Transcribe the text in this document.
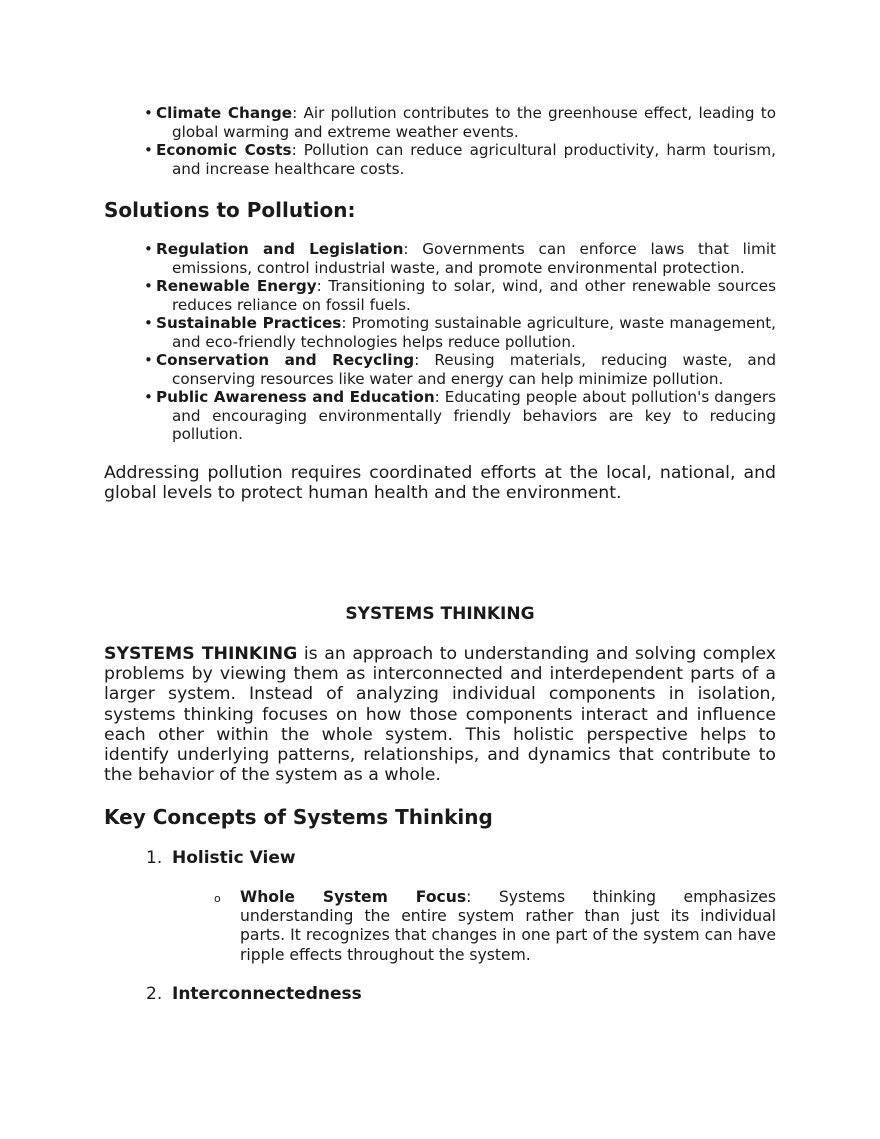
• Climate Change: Air pollution contributes to the greenhouse effect, leading to global warming and extreme weather events.
• Economic Costs: Pollution can reduce agricultural productivity, harm tourism, and increase healthcare costs.
Solutions to Pollution:
• Regulation and Legislation: Governments can enforce laws that limit emissions, control industrial waste, and promote environmental protection.
• Renewable Energy: Transitioning to solar, wind, and other renewable sources reduces reliance on fossil fuels.
• Sustainable Practices: Promoting sustainable agriculture, waste management, and eco-friendly technologies helps reduce pollution.
• Conservation and Recycling: Reusing materials, reducing waste, and conserving resources like water and energy can help minimize pollution.
• Public Awareness and Education: Educating people about pollution's dangers and encouraging environmentally friendly behaviors are key to reducing pollution.

Addressing pollution requires coordinated efforts at the local, national, and global levels to protect human health and the environment.

SYSTEMS THINKING

SYSTEMS THINKING is an approach to understanding and solving complex problems by viewing them as interconnected and interdependent parts of a larger system. Instead of analyzing individual components in isolation, systems thinking focuses on how those components interact and influence each other within the whole system. This holistic perspective helps to identify underlying patterns, relationships, and dynamics that contribute to the behavior of the system as a whole.

Key Concepts of Systems Thinking
1. Holistic View
o Whole System Focus: Systems thinking emphasizes understanding the entire system rather than just its individual parts. It recognizes that changes in one part of the system can have ripple effects throughout the system.
2. Interconnectedness
